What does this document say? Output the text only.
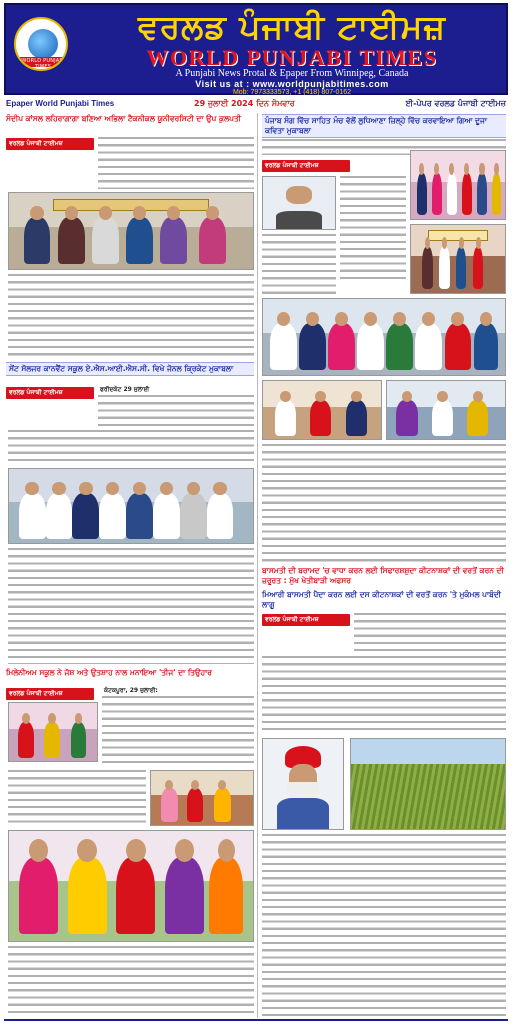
WORLD PUNJABI TIMES
ਵਰਲਡ ਪੰਜਾਬੀ ਟਾਈਮਜ਼
WORLD PUNJABI TIMES
A Punjabi News Protal & Epaper From Winnipeg, Canada
Visit us at : www.worldpunjabitimes.com
Mob: 7973333573, +1 (418) 807-0162
Epaper World Punjabi Times	29 ਜੁਲਾਈ 2024 ਦਿਨ ਸੋਮਵਾਰ	ਈ-ਪੇਪਰ ਵਰਲਡ ਪੰਜਾਬੀ ਟਾਈਮਜ਼
ਸੰਦੀਪ ਕਾਂਸਲ ਲਹਿਰਾਗਾਗਾ ਬਣਿਆ ਅਭਿਲਾ ਟੈਕਨੀਕਲ ਯੂਨੀਵਰਸਿਟੀ ਦਾ ਉਪ ਕੁਲਪਤੀ
ਵਰਲਡ ਪੰਜਾਬੀ ਟਾਈਮਜ਼
ਸੇਂਟ ਸੋਲਜਰ ਕਾਨਵੈਂਟ ਸਕੂਲ ਏ.ਐਸ.ਆਈ.ਐਸ.ਸੀ. ਵਿਖੇ ਜੋਨਲ ਕ੍ਰਿਕੇਟ ਮੁਕਾਬਲਾ
ਵਰਲਡ ਪੰਜਾਬੀ ਟਾਈਮਜ਼	ਫਰੀਦਕੋਟ 29 ਜੁਲਾਈ
ਮਿਲੇਨੀਅਮ ਸਕੂਲ ਨੇ ਜੋਸ਼ ਅਤੇ ਉਤਸ਼ਾਹ ਨਾਲ ਮਨਾਇਆ 'ਤੀਜ' ਦਾ ਤਿਉਹਾਰ
ਵਰਲਡ ਪੰਜਾਬੀ ਟਾਈਮਜ਼	ਕੋਟਕਪੂਰਾ, 29 ਜੁਲਾਈ:
ਪੰਜਾਬ ਸੰਗ ਵਿੱਚ ਸਾਹਿਤ ਮੰਚ ਵੱਲੋਂ ਲੁਧਿਆਣਾ ਜ਼ਿਲ੍ਹੇ ਵਿੱਚ ਕਰਵਾਇਆ ਗਿਆ ਦੂਜਾ ਕਵਿਤਾ ਮੁਕਾਬਲਾ
ਵਰਲਡ ਪੰਜਾਬੀ ਟਾਈਮਜ਼
ਬਾਸਮਤੀ ਦੀ ਬਰਾਮਦ 'ਚ ਵਾਧਾ ਕਰਨ ਲਈ ਸਿਫਾਰਸ਼ਸ਼ੁਦਾ ਕੀਟਨਾਸ਼ਕਾਂ ਦੀ ਵਰਤੋਂ ਕਰਨ ਦੀ ਜ਼ਰੂਰਤ : ਮੁੱਖ ਖੇਤੀਬਾੜੀ ਅਫਸਰ
ਮਿਆਰੀ ਬਾਸਮਤੀ ਪੈਦਾ ਕਰਨ ਲਈ ਦਸ ਕੀਟਨਾਸ਼ਕਾਂ ਦੀ ਵਰਤੋਂ ਕਰਨ 'ਤੇ ਮੁਕੰਮਲ ਪਾਬੰਦੀ ਲਾਗੂ
ਵਰਲਡ ਪੰਜਾਬੀ ਟਾਈਮਜ਼
